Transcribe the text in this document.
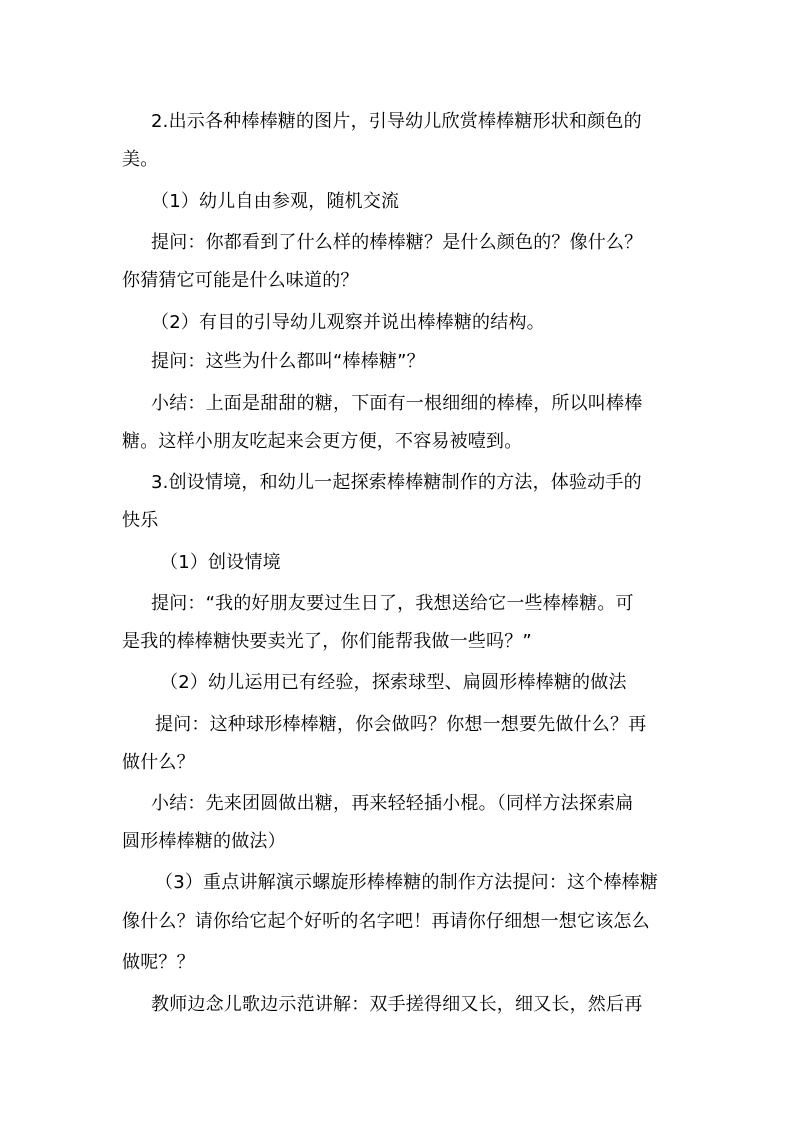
2.出示各种棒棒糖的图片，引导幼儿欣赏棒棒糖形状和颜色的
美。
（1）幼儿自由参观，随机交流
提问：你都看到了什么样的棒棒糖？是什么颜色的？像什么？
你猜猜它可能是什么味道的？
（2）有目的引导幼儿观察并说出棒棒糖的结构。
提问：这些为什么都叫“棒棒糖”？
小结：上面是甜甜的糖，下面有一根细细的棒棒，所以叫棒棒
糖。这样小朋友吃起来会更方便，不容易被噎到。
3.创设情境，和幼儿一起探索棒棒糖制作的方法，体验动手的
快乐
（1）创设情境
提问：“我的好朋友要过生日了，我想送给它一些棒棒糖。可
是我的棒棒糖快要卖光了，你们能帮我做一些吗？”
（2）幼儿运用已有经验，探索球型、扁圆形棒棒糖的做法
提问：这种球形棒棒糖，你会做吗？你想一想要先做什么？再
做什么？
小结：先来团圆做出糖，再来轻轻插小棍。（同样方法探索扁
圆形棒棒糖的做法）
（3）重点讲解演示螺旋形棒棒糖的制作方法提问：这个棒棒糖
像什么？请你给它起个好听的名字吧！再请你仔细想一想它该怎么
做呢？？
教师边念儿歌边示范讲解：双手搓得细又长，细又长，然后再
